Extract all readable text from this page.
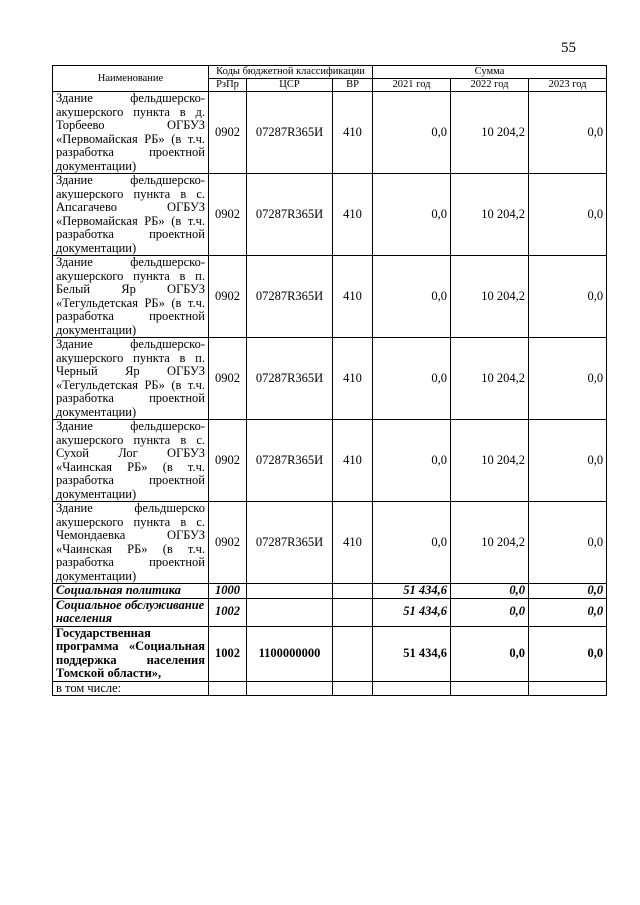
55
Наименование	Коды бюджетной классификации			Сумма		
	РзПр	ЦСР	ВР	2021 год	2022 год	2023 год
Здание фельдшерско-акушерского пункта в д. Торбеево ОГБУЗ «Первомайская РБ» (в т.ч. разработка проектной документации)	0902	07287R365И	410	0,0	10 204,2	0,0
Здание фельдшерско-акушерского пункта в с. Апсагачево ОГБУЗ «Первомайская РБ» (в т.ч. разработка проектной документации)	0902	07287R365И	410	0,0	10 204,2	0,0
Здание фельдшерско-акушерского пункта в п. Белый Яр ОГБУЗ «Тегульдетская РБ» (в т.ч. разработка проектной документации)	0902	07287R365И	410	0,0	10 204,2	0,0
Здание фельдшерско-акушерского пункта в п. Черный Яр ОГБУЗ «Тегульдетская РБ» (в т.ч. разработка проектной документации)	0902	07287R365И	410	0,0	10 204,2	0,0
Здание фельдшерско-акушерского пункта в с. Сухой Лог ОГБУЗ «Чаинская РБ» (в т.ч. разработка проектной документации)	0902	07287R365И	410	0,0	10 204,2	0,0
Здание фельдшерско акушерского пункта в с. Чемондаевка ОГБУЗ «Чаинская РБ» (в т.ч. разработка проектной документации)	0902	07287R365И	410	0,0	10 204,2	0,0
Социальная политика	1000			51 434,6	0,0	0,0
Социальное обслуживание населения	1002			51 434,6	0,0	0,0
Государственная программа «Социальная поддержка населения Томской области»,	1002	1100000000		51 434,6	0,0	0,0
в том числе:						
